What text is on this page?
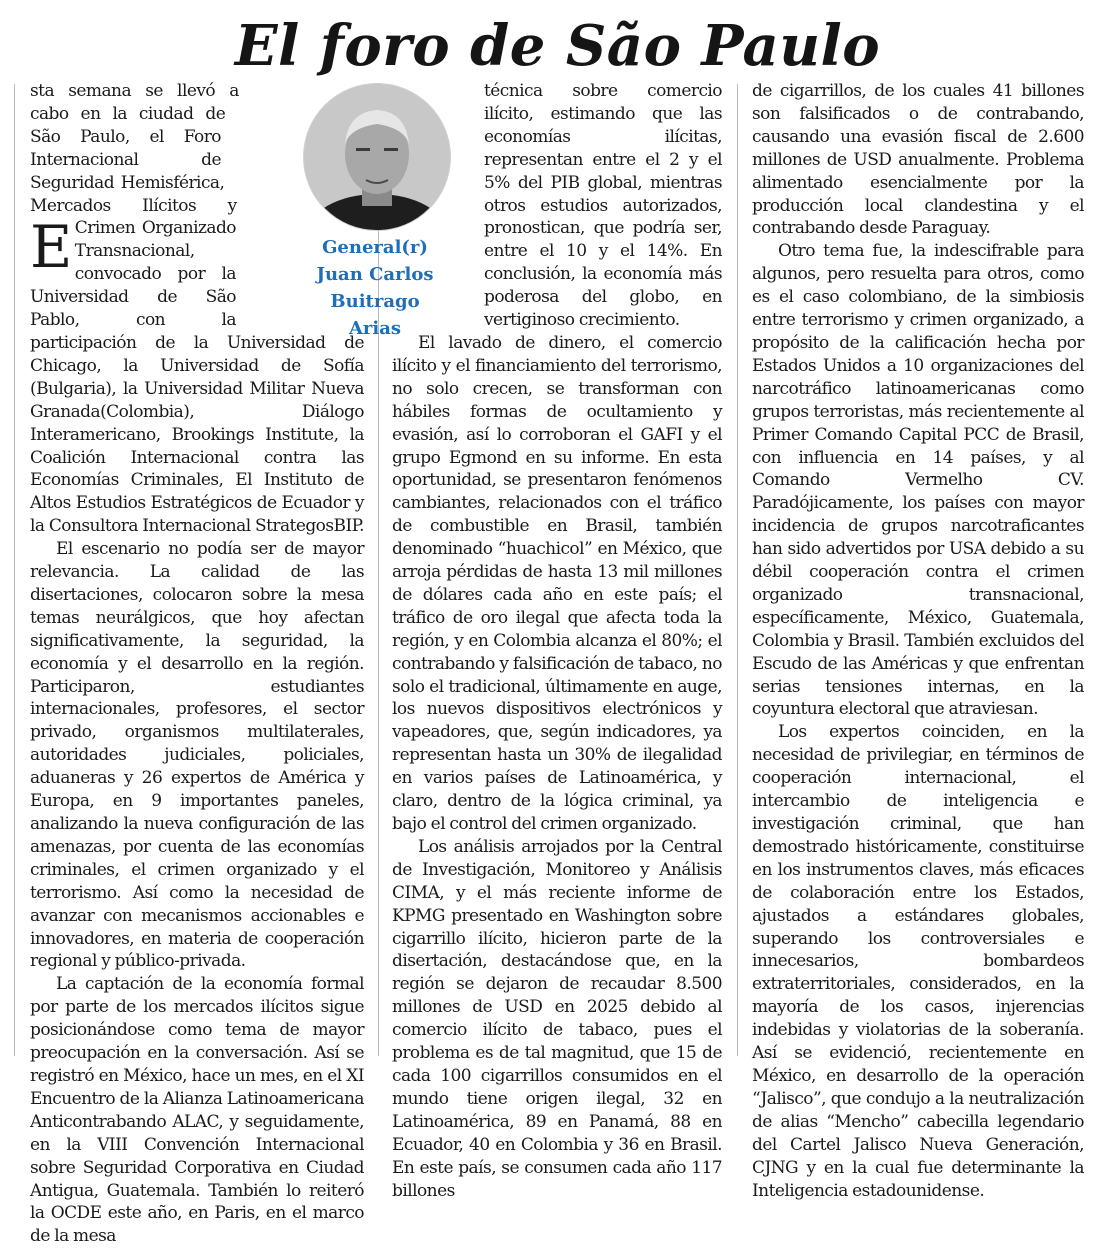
El foro de São Paulo
General(r)
Juan Carlos
Buitrago
Arias

E
sta semana se llevó a cabo en la ciudad de São Paulo, el Foro Internacional de Seguridad Hemisférica, Mercados Ilícitos y Crimen Organizado Transnacional, convocado por la Universidad de São Pablo, con la participación de la Universidad de Chicago, la Universidad de Sofía (Bulgaria), la Universidad Militar Nueva Granada(Colombia), Diálogo Interamericano, Brookings Institute, la Coalición Internacional contra las Economías Criminales, El Instituto de Altos Estudios Estratégicos de Ecuador y la Consultora Internacional StrategosBIP.

El escenario no podía ser de mayor relevancia. La calidad de las disertaciones, colocaron sobre la mesa temas neurálgicos, que hoy afectan significativamente, la seguridad, la economía y el desarrollo en la región. Participaron, estudiantes internacionales, profesores, el sector privado, organismos multilaterales, autoridades judiciales, policiales, aduaneras y 26 expertos de América y Europa, en 9 importantes paneles, analizando la nueva configuración de las amenazas, por cuenta de las economías criminales, el crimen organizado y el terrorismo. Así como la necesidad de avanzar con mecanismos accionables e innovadores, en materia de cooperación regional y público-privada.

La captación de la economía formal por parte de los mercados ilícitos sigue posicionándose como tema de mayor preocupación en la conversación. Así se registró en México, hace un mes, en el XI Encuentro de la Alianza Latinoamericana Anticontrabando ALAC, y seguidamente, en la VIII Convención Internacional sobre Seguridad Corporativa en Ciudad Antigua, Guatemala. También lo reiteró la OCDE este año, en Paris, en el marco de la mesa

técnica sobre comercio ilícito, estimando que las economías ilícitas, representan entre el 2 y el 5% del PIB global, mientras otros estudios autorizados, pronostican, que podría ser, entre el 10 y el 14%. En conclusión, la economía más poderosa del globo, en vertiginoso crecimiento.

El lavado de dinero, el comercio ilícito y el financiamiento del terrorismo, no solo crecen, se transforman con hábiles formas de ocultamiento y evasión, así lo corroboran el GAFI y el grupo Egmond en su informe. En esta oportunidad, se presentaron fenómenos cambiantes, relacionados con el tráfico de combustible en Brasil, también denominado “huachicol” en México, que arroja pérdidas de hasta 13 mil millones de dólares cada año en este país; el tráfico de oro ilegal que afecta toda la región, y en Colombia alcanza el 80%; el contrabando y falsificación de tabaco, no solo el tradicional, últimamente en auge, los nuevos dispositivos electrónicos y vapeadores, que, según indicadores, ya representan hasta un 30% de ilegalidad en varios países de Latinoamérica, y claro, dentro de la lógica criminal, ya bajo el control del crimen organizado.

Los análisis arrojados por la Central de Investigación, Monitoreo y Análisis CIMA, y el más reciente informe de KPMG presentado en Washington sobre cigarrillo ilícito, hicieron parte de la disertación, destacándose que, en la región se dejaron de recaudar 8.500 millones de USD en 2025 debido al comercio ilícito de tabaco, pues el problema es de tal magnitud, que 15 de cada 100 cigarrillos consumidos en el mundo tiene origen ilegal, 32 en Latinoamérica, 89 en Panamá, 88 en Ecuador, 40 en Colombia y 36 en Brasil. En este país, se consumen cada año 117 billones

de cigarrillos, de los cuales 41 billones son falsificados o de contrabando, causando una evasión fiscal de 2.600 millones de USD anualmente. Problema alimentado esencialmente por la producción local clandestina y el contrabando desde Paraguay.

Otro tema fue, la indescifrable para algunos, pero resuelta para otros, como es el caso colombiano, de la simbiosis entre terrorismo y crimen organizado, a propósito de la calificación hecha por Estados Unidos a 10 organizaciones del narcotráfico latinoamericanas como grupos terroristas, más recientemente al Primer Comando Capital PCC de Brasil, con influencia en 14 países, y al Comando Vermelho CV. Paradójicamente, los países con mayor incidencia de grupos narcotraficantes han sido advertidos por USA debido a su débil cooperación contra el crimen organizado transnacional, específicamente, México, Guatemala, Colombia y Brasil. También excluidos del Escudo de las Américas y que enfrentan serias tensiones internas, en la coyuntura electoral que atraviesan.

Los expertos coinciden, en la necesidad de privilegiar, en términos de cooperación internacional, el intercambio de inteligencia e investigación criminal, que han demostrado históricamente, constituirse en los instrumentos claves, más eficaces de colaboración entre los Estados, ajustados a estándares globales, superando los controversiales e innecesarios, bombardeos extraterritoriales, considerados, en la mayoría de los casos, injerencias indebidas y violatorias de la soberanía. Así se evidenció, recientemente en México, en desarrollo de la operación “Jalisco”, que condujo a la neutralización de alias “Mencho” cabecilla legendario del Cartel Jalisco Nueva Generación, CJNG y en la cual fue determinante la Inteligencia estadounidense.
